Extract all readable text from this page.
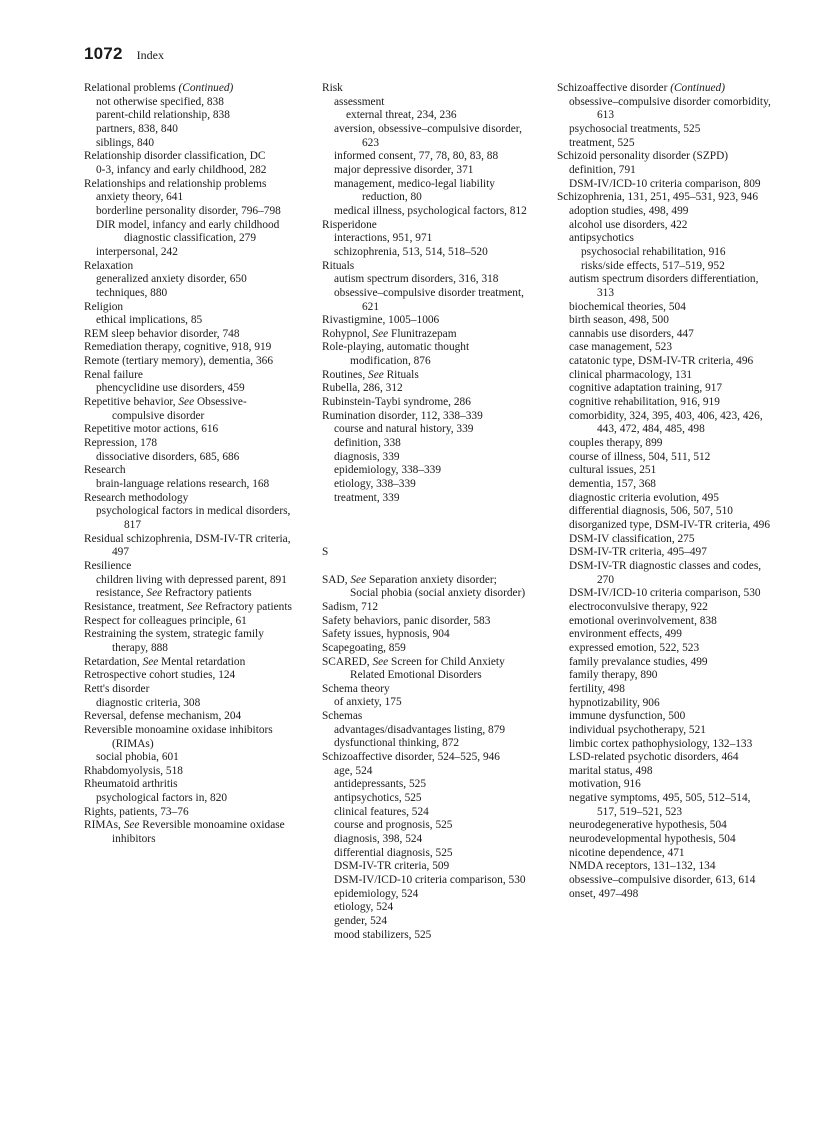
1072 Index

Relational problems (Continued)

not otherwise specified, 838

parent-child relationship, 838

partners, 838, 840

siblings, 840

Relationship disorder classification, DC

0-3, infancy and early childhood, 282

Relationships and relationship problems

anxiety theory, 641

borderline personality disorder, 796–798

DIR model, infancy and early childhood diagnostic classification, 279

interpersonal, 242

Relaxation

generalized anxiety disorder, 650

techniques, 880

Religion

ethical implications, 85

REM sleep behavior disorder, 748

Remediation therapy, cognitive, 918, 919

Remote (tertiary memory), dementia, 366

Renal failure

phencyclidine use disorders, 459

Repetitive behavior, See Obsessive-compulsive disorder

Repetitive motor actions, 616

Repression, 178

dissociative disorders, 685, 686

Research

brain-language relations research, 168

Research methodology

psychological factors in medical disorders, 817

Residual schizophrenia, DSM-IV-TR criteria, 497

Resilience

children living with depressed parent, 891

resistance, See Refractory patients

Resistance, treatment, See Refractory patients

Respect for colleagues principle, 61

Restraining the system, strategic family therapy, 888

Retardation, See Mental retardation

Retrospective cohort studies, 124

Rett's disorder

diagnostic criteria, 308

Reversal, defense mechanism, 204

Reversible monoamine oxidase inhibitors (RIMAs)

social phobia, 601

Rhabdomyolysis, 518

Rheumatoid arthritis

psychological factors in, 820

Rights, patients, 73–76

RIMAs, See Reversible monoamine oxidase inhibitors

Risk

assessment

external threat, 234, 236

aversion, obsessive–compulsive disorder, 623

informed consent, 77, 78, 80, 83, 88

major depressive disorder, 371

management, medico-legal liability reduction, 80

medical illness, psychological factors, 812

Risperidone

interactions, 951, 971

schizophrenia, 513, 514, 518–520

Rituals

autism spectrum disorders, 316, 318

obsessive–compulsive disorder treatment, 621

Rivastigmine, 1005–1006

Rohypnol, See Flunitrazepam

Role-playing, automatic thought modification, 876

Routines, See Rituals

Rubella, 286, 312

Rubinstein-Taybi syndrome, 286

Rumination disorder, 112, 338–339

course and natural history, 339

definition, 338

diagnosis, 339

epidemiology, 338–339

etiology, 338–339

treatment, 339

S

SAD, See Separation anxiety disorder; Social phobia (social anxiety disorder)

Sadism, 712

Safety behaviors, panic disorder, 583

Safety issues, hypnosis, 904

Scapegoating, 859

SCARED, See Screen for Child Anxiety Related Emotional Disorders

Schema theory

of anxiety, 175

Schemas

advantages/disadvantages listing, 879

dysfunctional thinking, 872

Schizoaffective disorder, 524–525, 946

age, 524

antidepressants, 525

antipsychotics, 525

clinical features, 524

course and prognosis, 525

diagnosis, 398, 524

differential diagnosis, 525

DSM-IV-TR criteria, 509

DSM-IV/ICD-10 criteria comparison, 530

epidemiology, 524

etiology, 524

gender, 524

mood stabilizers, 525

Schizoaffective disorder (Continued)

obsessive–compulsive disorder comorbidity, 613

psychosocial treatments, 525

treatment, 525

Schizoid personality disorder (SZPD)

definition, 791

DSM-IV/ICD-10 criteria comparison, 809

Schizophrenia, 131, 251, 495–531, 923, 946

adoption studies, 498, 499

alcohol use disorders, 422

antipsychotics

psychosocial rehabilitation, 916

risks/side effects, 517–519, 952

autism spectrum disorders differentiation, 313

biochemical theories, 504

birth season, 498, 500

cannabis use disorders, 447

case management, 523

catatonic type, DSM-IV-TR criteria, 496

clinical pharmacology, 131

cognitive adaptation training, 917

cognitive rehabilitation, 916, 919

comorbidity, 324, 395, 403, 406, 423, 426, 443, 472, 484, 485, 498

couples therapy, 899

course of illness, 504, 511, 512

cultural issues, 251

dementia, 157, 368

diagnostic criteria evolution, 495

differential diagnosis, 506, 507, 510

disorganized type, DSM-IV-TR criteria, 496

DSM-IV classification, 275

DSM-IV-TR criteria, 495–497

DSM-IV-TR diagnostic classes and codes, 270

DSM-IV/ICD-10 criteria comparison, 530

electroconvulsive therapy, 922

emotional overinvolvement, 838

environment effects, 499

expressed emotion, 522, 523

family prevalance studies, 499

family therapy, 890

fertility, 498

hypnotizability, 906

immune dysfunction, 500

individual psychotherapy, 521

limbic cortex pathophysiology, 132–133

LSD-related psychotic disorders, 464

marital status, 498

motivation, 916

negative symptoms, 495, 505, 512–514, 517, 519–521, 523

neurodegenerative hypothesis, 504

neurodevelopmental hypothesis, 504

nicotine dependence, 471

NMDA receptors, 131–132, 134

obsessive–compulsive disorder, 613, 614

onset, 497–498
